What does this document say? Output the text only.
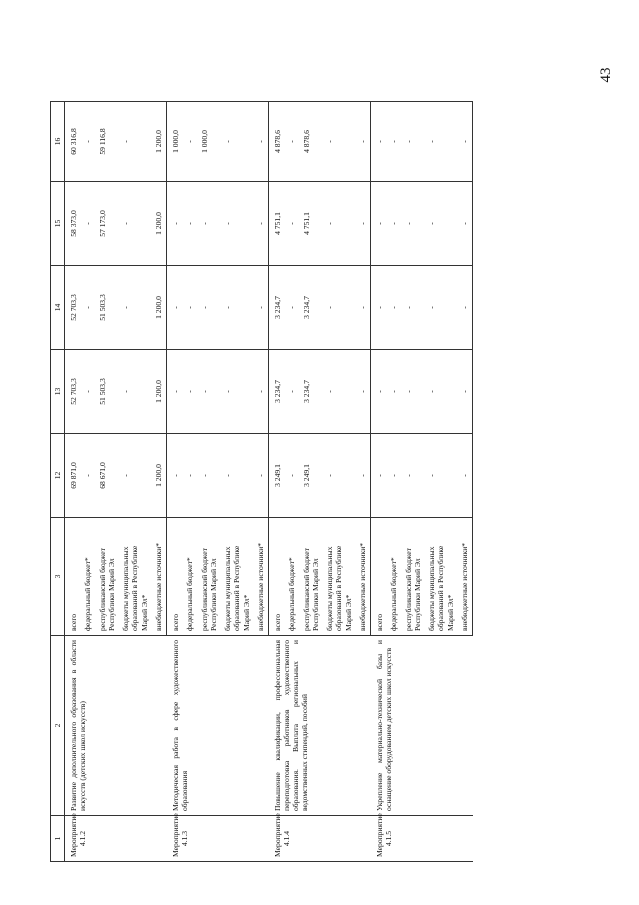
43
1	2	3	12	13	14	15	16
Мероприятие 4.1.2	Развитие дополнительного образования в области искусств (детских школ искусств)	всего	69 871,0	52 703,3	52 703,3	58 373,0	60 316,8
		федеральный бюджет*	-	-	-	-	-
		республиканский бюджет Республики Марий Эл	68 671,0	51 503,3	51 503,3	57 173,0	59 116,8
		бюджеты муниципальных образований в Республике Марий Эл*	-	-	-	-	-
		внебюджетные источники*	1 200,0	1 200,0	1 200,0	1 200,0	1 200,0
Мероприятие 4.1.3	Методическая работа в сфере художественного образования	всего	-	-	-	-	1 000,0
		федеральный бюджет*	-	-	-	-	-
		республиканский бюджет Республики Марий Эл	-	-	-	-	1 000,0
		бюджеты муниципальных образований в Республике Марий Эл*	-	-	-	-	-
		внебюджетные источники*	-	-	-	-	-
Мероприятие 4.1.4	Повышение квалификации, профессиональная переподготовка работников художественного образования. Выплата региональных и ведомственных стипендий, пособий	всего	3 249,1	3 234,7	3 234,7	4 751,1	4 878,6
		федеральный бюджет*	-	-	-	-	-
		республиканский бюджет Республики Марий Эл	3 249,1	3 234,7	3 234,7	4 751,1	4 878,6
		бюджеты муниципальных образований в Республике Марий Эл*	-	-	-	-	-
		внебюджетные источники*	-	-	-	-	-
Мероприятие 4.1.5	Укрепление материально-технической базы и оснащение оборудованием детских школ искусств	всего	-	-	-	-	-
		федеральный бюджет*	-	-	-	-	-
		республиканский бюджет Республики Марий Эл	-	-	-	-	-
		бюджеты муниципальных образований в Республике Марий Эл*	-	-	-	-	-
		внебюджетные источники*	-	-	-	-	-
